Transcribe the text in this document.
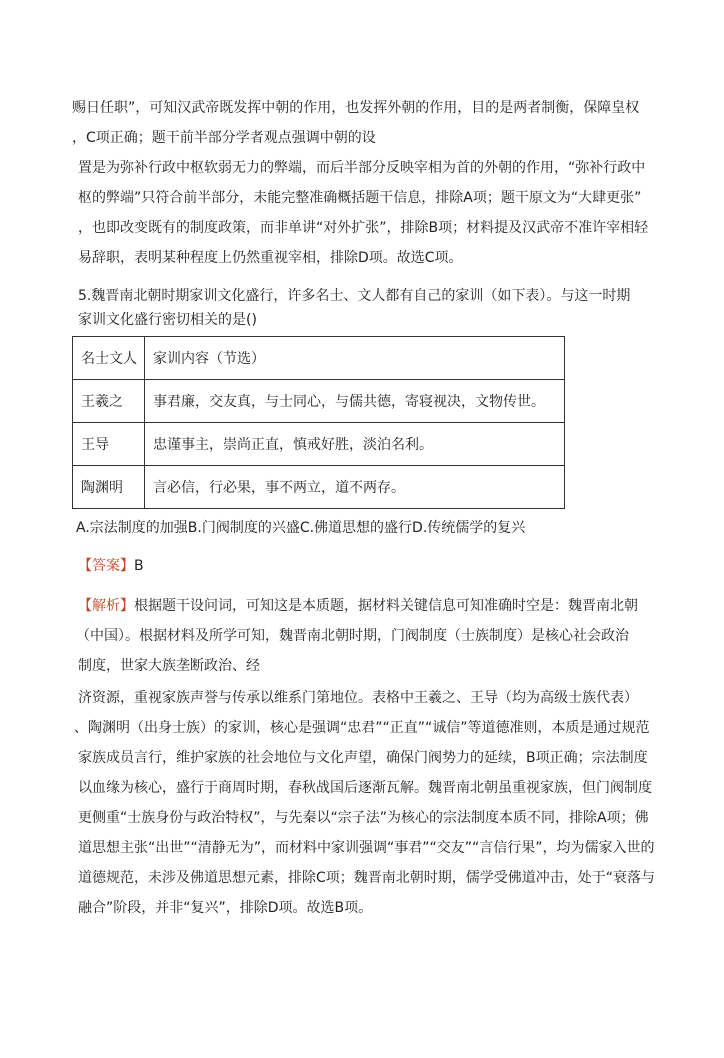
赐日任职”，可知汉武帝既发挥中朝的作用，也发挥外朝的作用，目的是两者制衡，保障皇权

，C项正确；题干前半部分学者观点强调中朝的设

置是为弥补行政中枢软弱无力的弊端，而后半部分反映宰相为首的外朝的作用，“弥补行政中

枢的弊端”只符合前半部分，未能完整准确概括题干信息，排除A项；题干原文为“大肆更张”

，也即改变既有的制度政策，而非单讲“对外扩张”，排除B项；材料提及汉武帝不准许宰相轻

易辞职，表明某种程度上仍然重视宰相，排除D项。故选C项。

5.魏晋南北朝时期家训文化盛行，许多名士、文人都有自己的家训（如下表）。与这一时期

家训文化盛行密切相关的是()

名士文人	家训内容（节选）
王羲之	事君廉，交友真，与士同心，与儒共德，寄寝视决，文物传世。
王导	忠谨事主，崇尚正直，慎戒好胜，淡泊名利。
陶渊明	言必信，行必果，事不两立，道不两存。

A.宗法制度的加强B.门阀制度的兴盛C.佛道思想的盛行D.传统儒学的复兴

【答案】B

【解析】根据题干设问词，可知这是本质题，据材料关键信息可知准确时空是：魏晋南北朝

（中国）。根据材料及所学可知，魏晋南北朝时期，门阀制度（士族制度）是核心社会政治

制度，世家大族垄断政治、经

济资源，重视家族声誉与传承以维系门第地位。表格中王羲之、王导（均为高级士族代表）

、陶渊明（出身士族）的家训，核心是强调“忠君”“正直”“诚信”等道德准则，本质是通过规范

家族成员言行，维护家族的社会地位与文化声望，确保门阀势力的延续，B项正确；宗法制度

以血缘为核心，盛行于商周时期，春秋战国后逐渐瓦解。魏晋南北朝虽重视家族，但门阀制度

更侧重“士族身份与政治特权”，与先秦以“宗子法”为核心的宗法制度本质不同，排除A项；佛

道思想主张“出世”“清静无为”，而材料中家训强调“事君”“交友”“言信行果”，均为儒家入世的

道德规范，未涉及佛道思想元素，排除C项；魏晋南北朝时期，儒学受佛道冲击，处于“衰落与

融合”阶段，并非“复兴”，排除D项。故选B项。
